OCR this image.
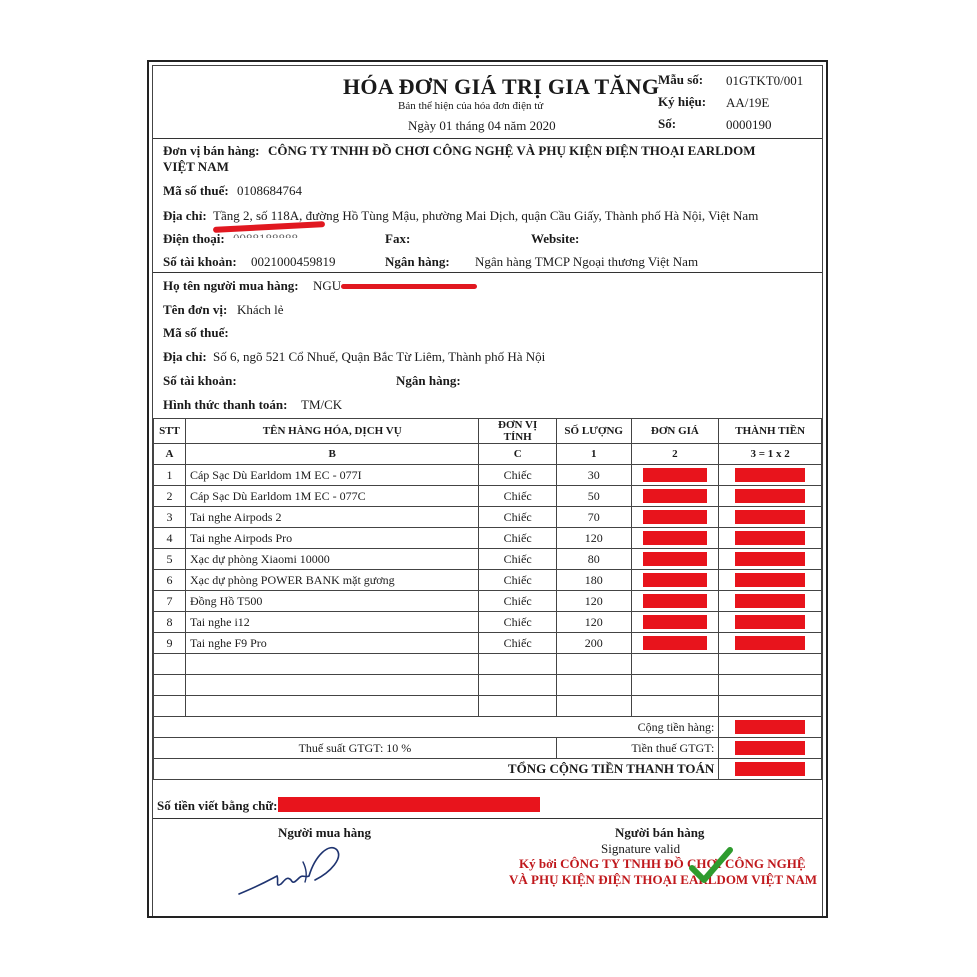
HÓA ĐƠN GIÁ TRỊ GIA TĂNG
Bản thể hiện của hóa đơn điện tử
Ngày 01 tháng 04 năm 2020
Mẫu số: 01GTKT0/001
Ký hiệu: AA/19E
Số:	0000190
Đơn vị bán hàng: CÔNG TY TNHH ĐỒ CHƠI CÔNG NGHỆ VÀ PHỤ KIỆN ĐIỆN THOẠI EARLDOM
VIỆT NAM
Mã số thuế: 0108684764
Địa chỉ: Tầng 2, số 118A, đường Hồ Tùng Mậu, phường Mai Dịch, quận Cầu Giấy, Thành phố Hà Nội, Việt Nam
Điện thoại:	Fax:	Website:
Số tài khoản: 0021000459819	Ngân hàng: Ngân hàng TMCP Ngoại thương Việt Nam
Họ tên người mua hàng: NGU
Tên đơn vị: Khách lẻ
Mã số thuế:
Địa chỉ: Số 6, ngõ 521 Cổ Nhuế, Quận Bắc Từ Liêm, Thành phố Hà Nội
Số tài khoản:	Ngân hàng:
Hình thức thanh toán: TM/CK
STT	TÊN HÀNG HÓA, DỊCH VỤ	ĐƠN VỊ TÍNH	SỐ LƯỢNG	ĐƠN GIÁ	THÀNH TIỀN
A	B	C	1	2	3 = 1 x 2
1	Cáp Sạc Dù Earldom 1M EC - 077I	Chiếc	30	

2	Cáp Sạc Dù Earldom 1M EC - 077C	Chiếc	50	

3	Tai nghe Airpods 2	Chiếc	70	

4	Tai nghe Airpods Pro	Chiếc	120	

5	Xạc dự phòng Xiaomi 10000	Chiếc	80	

6	Xạc dự phòng POWER BANK mặt gương	Chiếc	180	

7	Đồng Hồ T500	Chiếc	120	

8	Tai nghe i12	Chiếc	120	

9	Tai nghe F9 Pro	Chiếc	200	

Cộng tiền hàng:					

Thuế suất GTGT: 10 %			Tiền thuế GTGT:		

TỔNG CỘNG TIỀN THANH TOÁN					
Số tiền viết bằng chữ:
Người mua hàng	Người bán hàng
Signature valid
Ký bởi CÔNG TY TNHH ĐỒ CHƠI CÔNG NGHỆ
VÀ PHỤ KIỆN ĐIỆN THOẠI EARLDOM VIỆT NAM
